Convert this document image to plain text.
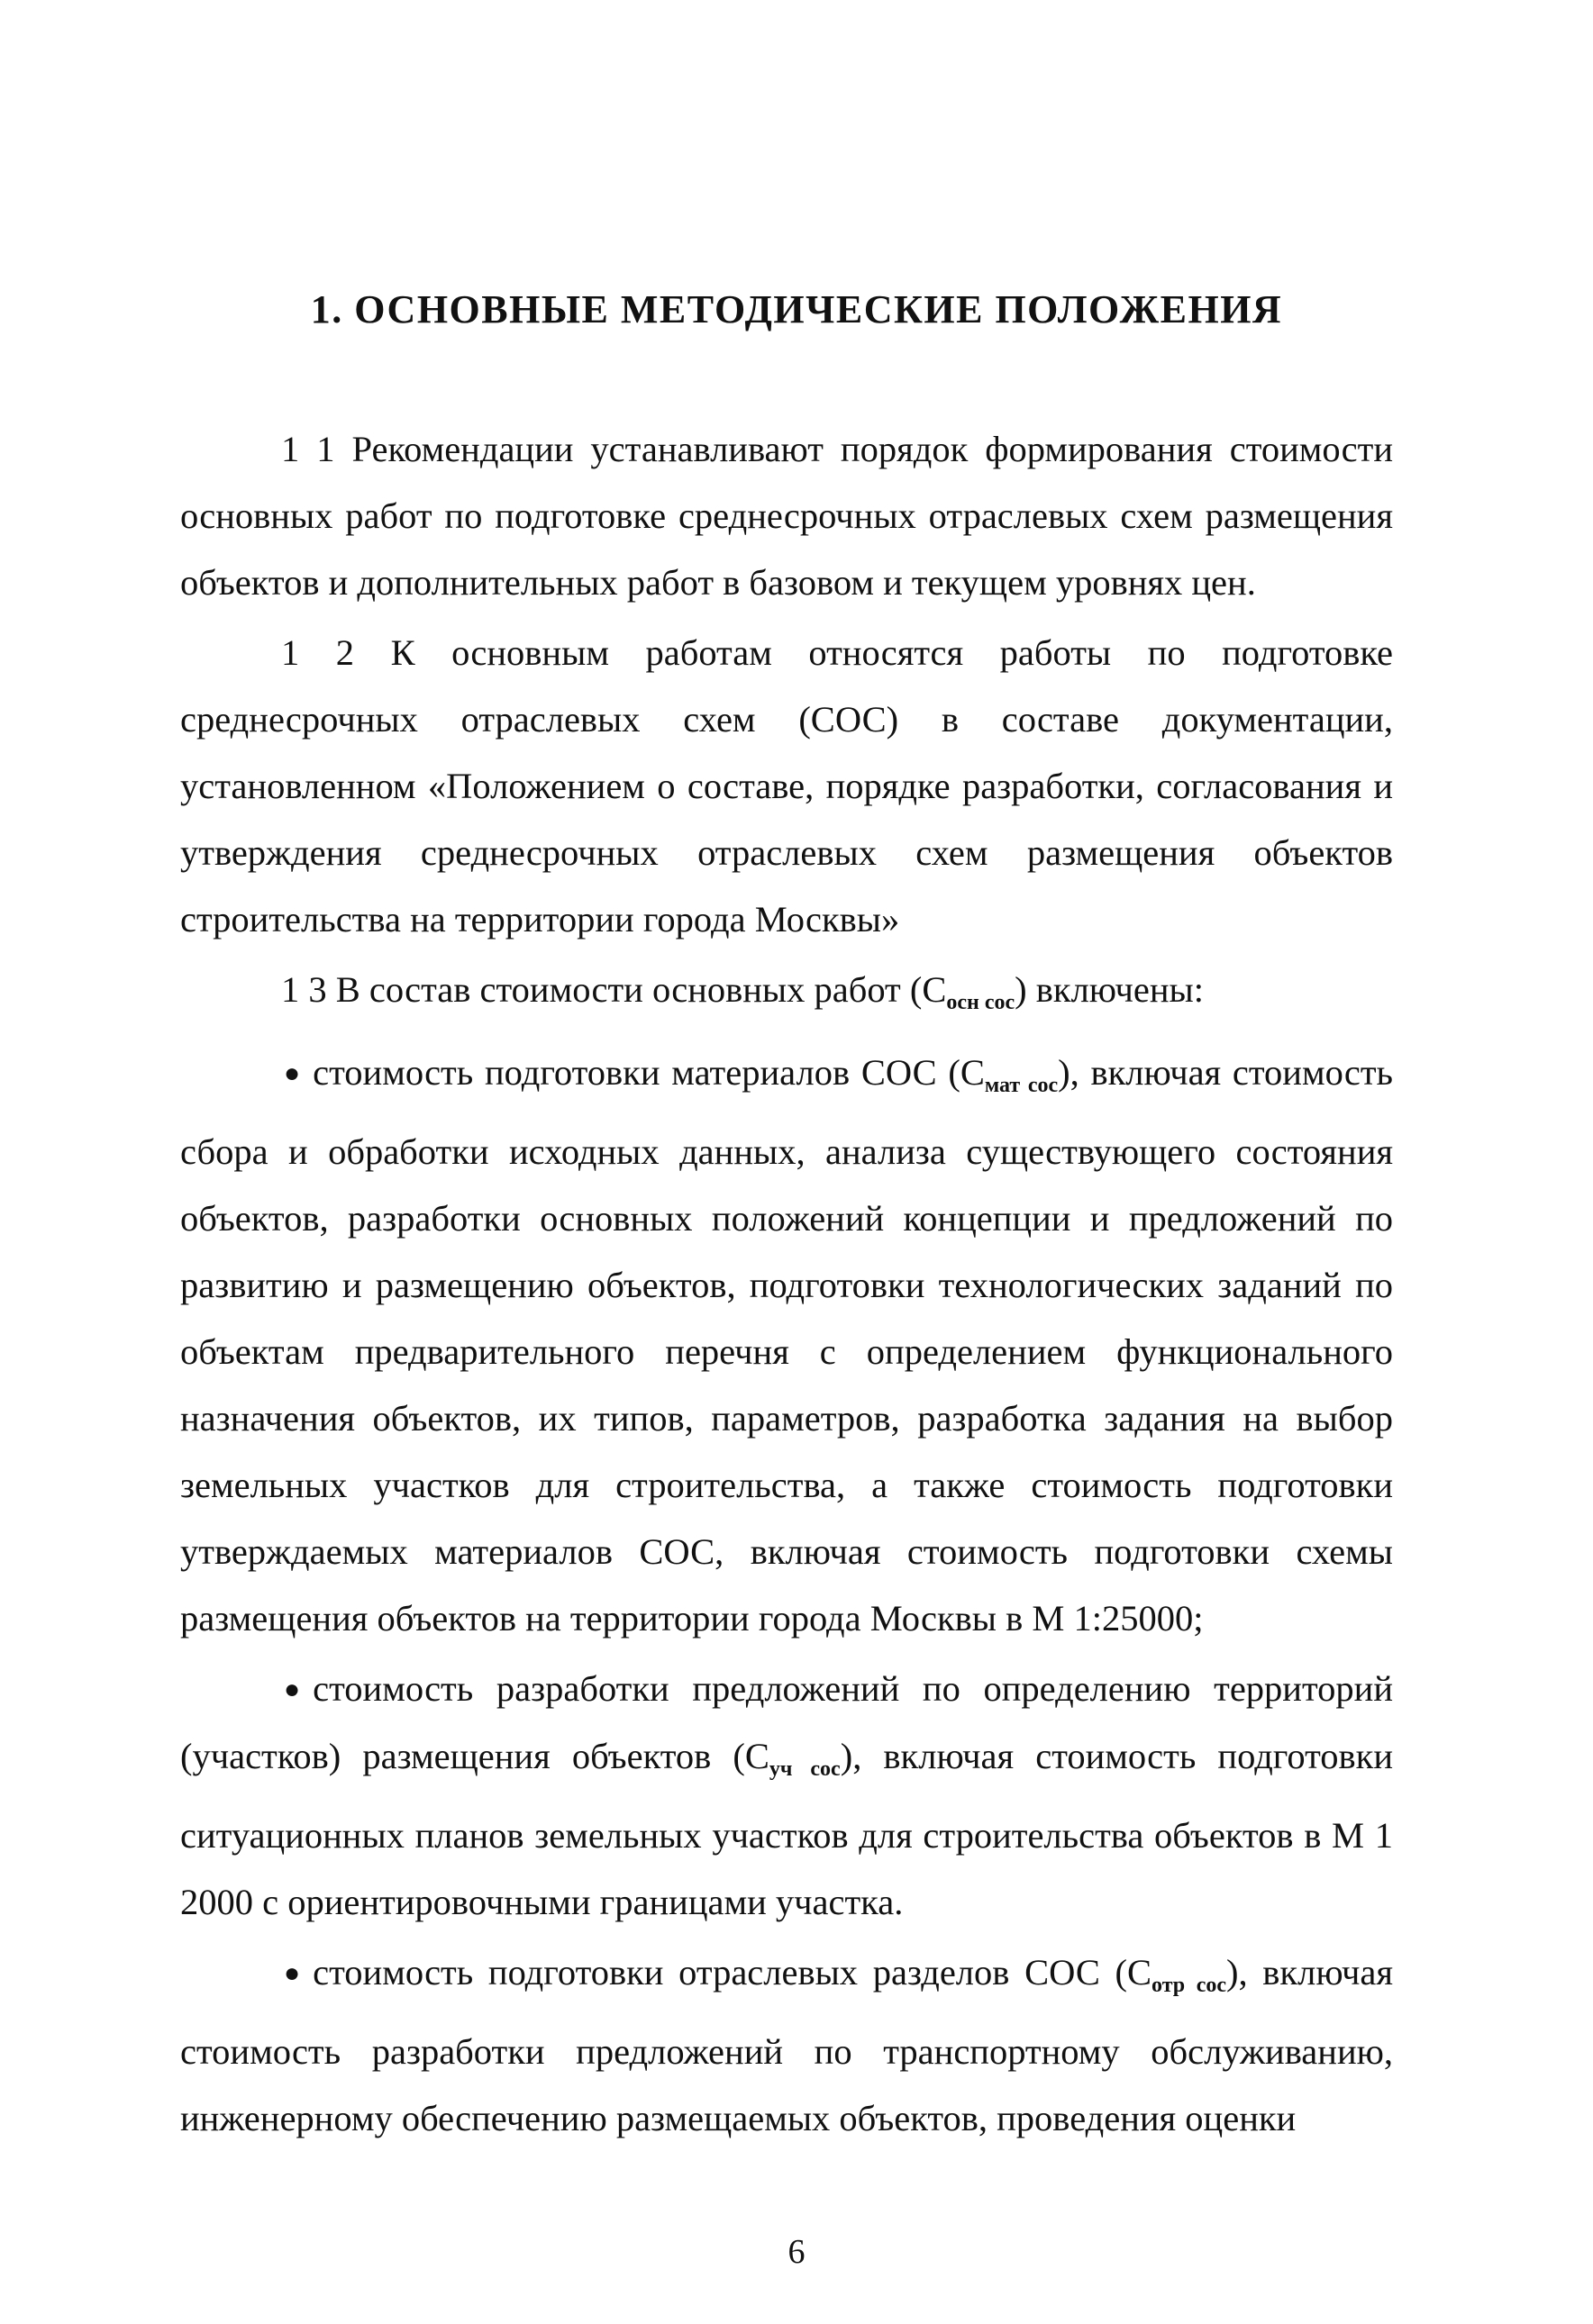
1. ОСНОВНЫЕ МЕТОДИЧЕСКИЕ ПОЛОЖЕНИЯ

1 1 Рекомендации устанавливают порядок формирования стоимости основных работ по подготовке среднесрочных отраслевых схем размещения объектов и дополнительных работ в базовом и текущем уровнях цен.

1 2 К основным работам относятся работы по подготовке среднесрочных отраслевых схем (СОС) в составе документации, установленном «Положением о составе, порядке разработки, согласования и утверждения среднесрочных отраслевых схем размещения объектов строительства на территории города Москвы»

1 3 В состав стоимости основных работ $(С_{осн сос})$ включены:

● стоимость подготовки материалов СОС $(С_{мат сос})$, включая стоимость сбора и обработки исходных данных, анализа существующего состояния объектов, разработки основных положений концепции и предложений по развитию и размещению объектов, подготовки технологических заданий по объектам предварительного перечня с определением функционального назначения объектов, их типов, параметров, разработка задания на выбор земельных участков для строительства, а также стоимость подготовки утверждаемых материалов СОС, включая стоимость подготовки схемы размещения объектов на территории города Москвы в М 1:25000;

● стоимость разработки предложений по определению территорий (участков) размещения объектов $(С_{уч сос})$, включая стоимость подготовки ситуационных планов земельных участков для строительства объектов в М 1 2000 с ориентировочными границами участка.

● стоимость подготовки отраслевых разделов СОС $(С_{отр сос})$, включая стоимость разработки предложений по транспортному обслуживанию, инженерному обеспечению размещаемых объектов, проведения оценки

6
